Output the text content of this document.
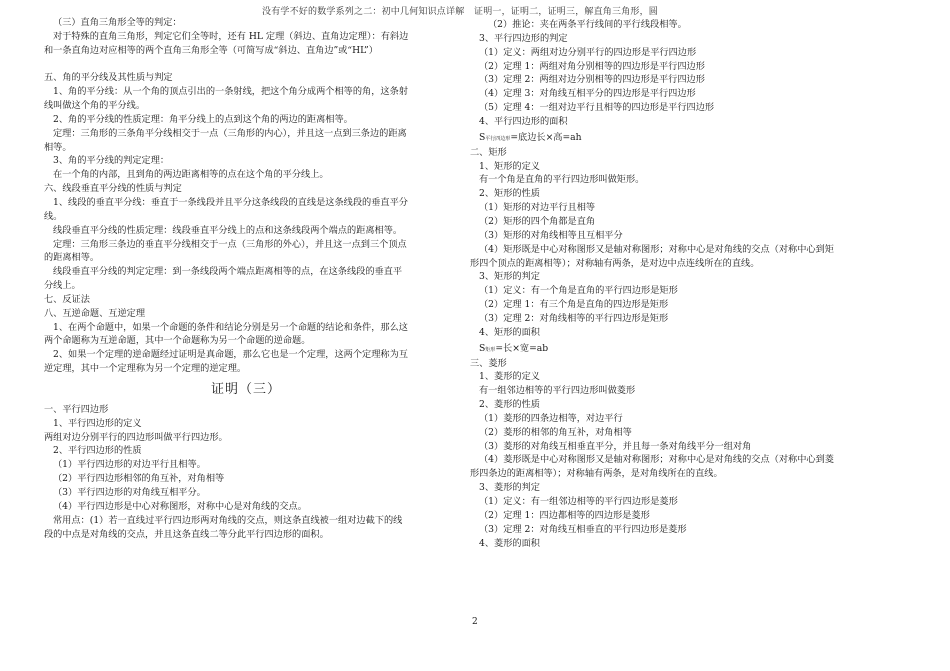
没有学不好的数学系列之二：初中几何知识点详解 证明一，证明二，证明三，解直角三角形，圆
（三）直角三角形全等的判定：
对于特殊的直角三角形，判定它们全等时，还有 HL 定理（斜边、直角边定理）：有斜边
和一条直角边对应相等的两个直角三角形全等（可简写成“斜边、直角边”或“HL”）
五、角的平分线及其性质与判定
1、角的平分线：从一个角的顶点引出的一条射线，把这个角分成两个相等的角，这条射
线叫做这个角的平分线。
2、角的平分线的性质定理：角平分线上的点到这个角的两边的距离相等。
定理：三角形的三条角平分线相交于一点（三角形的内心），并且这一点到三条边的距离
相等。
3、角的平分线的判定定理：
在一个角的内部，且到角的两边距离相等的点在这个角的平分线上。
六、线段垂直平分线的性质与判定
1、线段的垂直平分线：垂直于一条线段并且平分这条线段的直线是这条线段的垂直平分
线。
线段垂直平分线的性质定理：线段垂直平分线上的点和这条线段两个端点的距离相等。
定理：三角形三条边的垂直平分线相交于一点（三角形的外心），并且这一点到三个顶点
的距离相等。
线段垂直平分线的判定定理：到一条线段两个端点距离相等的点，在这条线段的垂直平
分线上。
七、反证法
八、互逆命题、互逆定理
1、在两个命题中，如果一个命题的条件和结论分别是另一个命题的结论和条件，那么这
两个命题称为互逆命题，其中一个命题称为另一个命题的逆命题。
2、如果一个定理的逆命题经过证明是真命题，那么它也是一个定理，这两个定理称为互
逆定理，其中一个定理称为另一个定理的逆定理。
证明（三）
一、平行四边形
1、平行四边形的定义
两组对边分别平行的四边形叫做平行四边形。
2、平行四边形的性质
（1）平行四边形的对边平行且相等。
（2）平行四边形相邻的角互补，对角相等
（3）平行四边形的对角线互相平分。
（4）平行四边形是中心对称图形，对称中心是对角线的交点。
常用点：(1）若一直线过平行四边形两对角线的交点，则这条直线被一组对边截下的线
段的中点是对角线的交点，并且这条直线二等分此平行四边形的面积。
（2）推论：夹在两条平行线间的平行线段相等。
3、平行四边形的判定
（1）定义：两组对边分别平行的四边形是平行四边形
（2）定理 1：两组对角分别相等的四边形是平行四边形
（3）定理 2：两组对边分别相等的四边形是平行四边形
（4）定理 3：对角线互相平分的四边形是平行四边形
（5）定理 4：一组对边平行且相等的四边形是平行四边形
4、平行四边形的面积
S平行四边形=底边长×高=ah
二、矩形
1、矩形的定义
有一个角是直角的平行四边形叫做矩形。
2、矩形的性质
（1）矩形的对边平行且相等
（2）矩形的四个角都是直角
（3）矩形的对角线相等且互相平分
（4）矩形既是中心对称图形又是轴对称图形；对称中心是对角线的交点（对称中心到矩
形四个顶点的距离相等）；对称轴有两条，是对边中点连线所在的直线。
3、矩形的判定
（1）定义：有一个角是直角的平行四边形是矩形
（2）定理 1：有三个角是直角的四边形是矩形
（3）定理 2：对角线相等的平行四边形是矩形
4、矩形的面积
S矩形=长×宽=ab
三、菱形
1、菱形的定义
有一组邻边相等的平行四边形叫做菱形
2、菱形的性质
（1）菱形的四条边相等，对边平行
（2）菱形的相邻的角互补，对角相等
（3）菱形的对角线互相垂直平分，并且每一条对角线平分一组对角
（4）菱形既是中心对称图形又是轴对称图形；对称中心是对角线的交点（对称中心到菱
形四条边的距离相等）；对称轴有两条，是对角线所在的直线。
3、菱形的判定
（1）定义：有一组邻边相等的平行四边形是菱形
（2）定理 1：四边都相等的四边形是菱形
（3）定理 2：对角线互相垂直的平行四边形是菱形
4、菱形的面积
2
